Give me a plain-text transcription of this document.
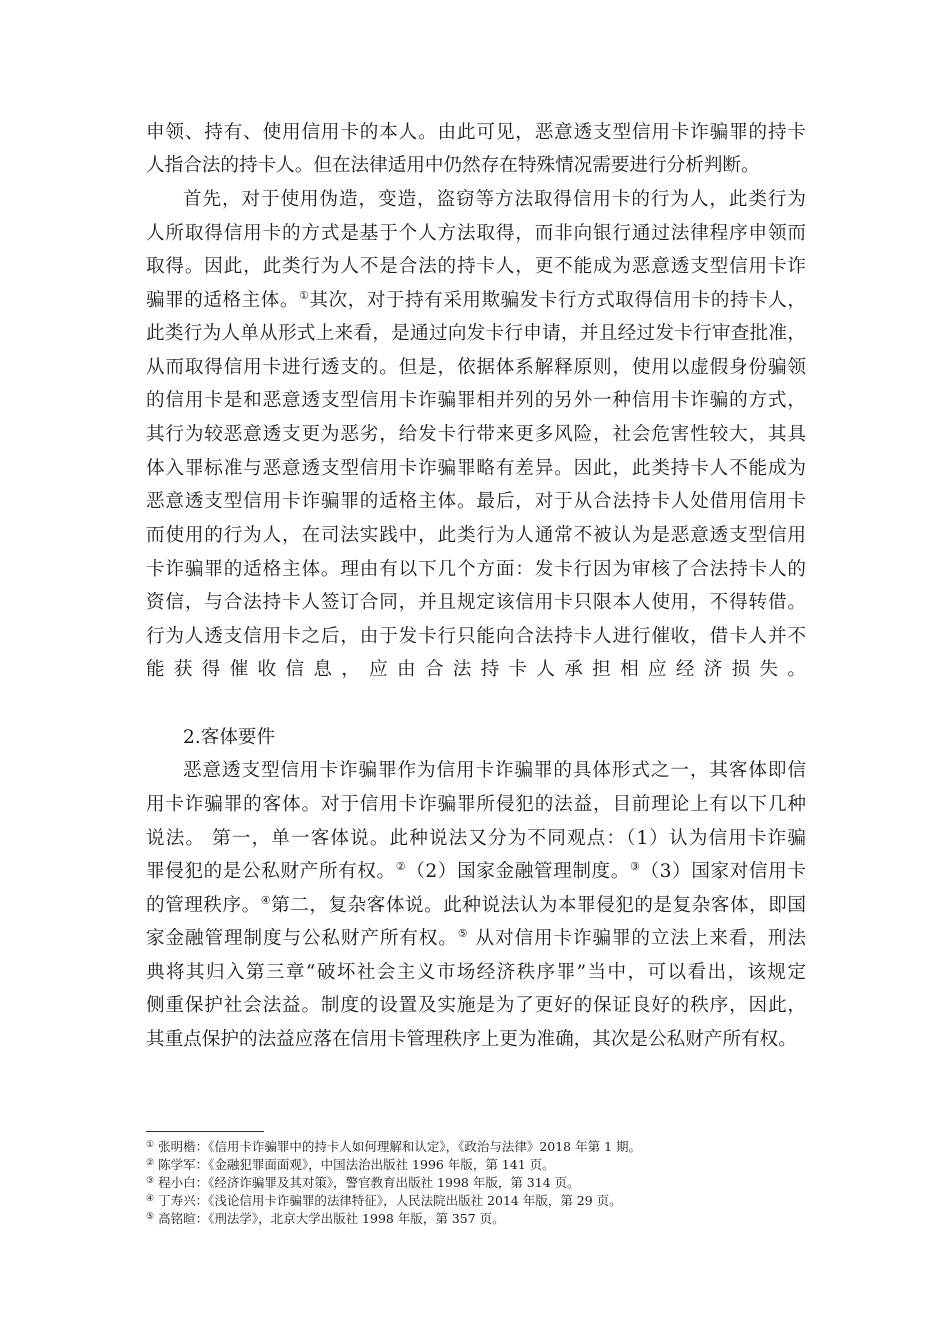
申领、持有、使用信用卡的本人。由此可见，恶意透支型信用卡诈骗罪的持卡
人指合法的持卡人。但在法律适用中仍然存在特殊情况需要进行分析判断。
首先，对于使用伪造，变造，盗窃等方法取得信用卡的行为人，此类行为
人所取得信用卡的方式是基于个人方法取得，而非向银行通过法律程序申领而
取得。因此，此类行为人不是合法的持卡人，更不能成为恶意透支型信用卡诈
骗罪的适格主体。①其次，对于持有采用欺骗发卡行方式取得信用卡的持卡人，
此类行为人单从形式上来看，是通过向发卡行申请，并且经过发卡行审查批准，
从而取得信用卡进行透支的。但是，依据体系解释原则，使用以虚假身份骗领
的信用卡是和恶意透支型信用卡诈骗罪相并列的另外一种信用卡诈骗的方式，
其行为较恶意透支更为恶劣，给发卡行带来更多风险，社会危害性较大，其具
体入罪标准与恶意透支型信用卡诈骗罪略有差异。因此，此类持卡人不能成为
恶意透支型信用卡诈骗罪的适格主体。最后，对于从合法持卡人处借用信用卡
而使用的行为人，在司法实践中，此类行为人通常不被认为是恶意透支型信用
卡诈骗罪的适格主体。理由有以下几个方面：发卡行因为审核了合法持卡人的
资信，与合法持卡人签订合同，并且规定该信用卡只限本人使用，不得转借。
行为人透支信用卡之后，由于发卡行只能向合法持卡人进行催收，借卡人并不
能获得催收信息，应由合法持卡人承担相应经济损失。
2.客体要件
恶意透支型信用卡诈骗罪作为信用卡诈骗罪的具体形式之一，其客体即信
用卡诈骗罪的客体。对于信用卡诈骗罪所侵犯的法益，目前理论上有以下几种
说法。 第一，单一客体说。此种说法又分为不同观点：（1）认为信用卡诈骗
罪侵犯的是公私财产所有权。②（2）国家金融管理制度。③（3）国家对信用卡
的管理秩序。④第二，复杂客体说。此种说法认为本罪侵犯的是复杂客体，即国
家金融管理制度与公私财产所有权。⑤ 从对信用卡诈骗罪的立法上来看，刑法
典将其归入第三章“破坏社会主义市场经济秩序罪”当中，可以看出，该规定
侧重保护社会法益。制度的设置及实施是为了更好的保证良好的秩序，因此，
其重点保护的法益应落在信用卡管理秩序上更为准确，其次是公私财产所有权。
① 张明楷：《信用卡诈骗罪中的持卡人如何理解和认定》，《政治与法律》2018 年第 1 期。
② 陈学军：《金融犯罪面面观》，中国法治出版社 1996 年版，第 141 页。
③ 程小白：《经济诈骗罪及其对策》，警官教育出版社 1998 年版，第 314 页。
④ 丁寿兴：《浅论信用卡诈骗罪的法律特征》，人民法院出版社 2014 年版，第 29 页。
⑤ 高铭暄：《刑法学》，北京大学出版社 1998 年版，第 357 页。
